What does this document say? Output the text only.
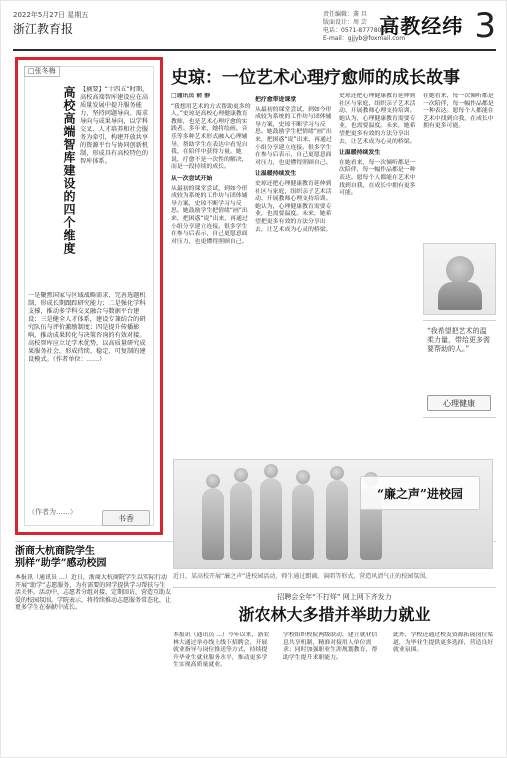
2022年5月27日 星期五
浙江教育报
责任编辑：龚 旦
版面设计：周 芸
电话：0571-87778082
E-mail：gjjyb@foxmail.com
高教经纬 3
□张冬梅
高校高端智库建设的四个维度 【摘要】“十四五”时期，高校高端智库建设应在高质量发展中提升服务能力，坚持问题导向、需求导向与成果导向，以学科交叉、人才培养和社会服务为牵引，构建开放共享的资源平台与协同创新机制，形成具有高校特色的智库体系。
一是聚焦国家与区域战略需求，完善选题机制，形成长期跟踪研究能力；二是强化学科支撑，推动多学科交叉融合与数据平台建设；三是健全人才体系，建设专兼结合的研究队伍与评价激励制度；四是提升传播影响，推动成果转化与决策咨询的有效对接。高校智库应立足学术优势，以高质量研究成果服务社会，形成持续、稳定、可复制的建设模式。（作者单位：……）
（作者为……）
书香
史琼：一位艺术心理疗愈师的成长故事
□通讯员 俞 静
“我想用艺术的方式帮助更多的人。”史琼是高校心理健康教育教师，也是艺术心理疗愈的实践者。多年来，她将绘画、音乐等多种艺术形式融入心理辅导，帮助学生在表达中看见自我、在陪伴中获得力量。她说，疗愈不是一次性的解决，而是一段持续的成长。
从一次尝试开始
从最初的课堂尝试，到如今形成较为系统的工作坊与团体辅导方案，史琼不断学习与反思。她鼓励学生把情绪“画”出来，把困惑“说”出来，再通过小组分享建立连接。很多学生在参与后表示，自己更愿意面对压力，也更懂得照顾自己。
把疗愈带进课堂
从最初的课堂尝试，到如今形成较为系统的工作坊与团体辅导方案，史琼不断学习与反思。她鼓励学生把情绪“画”出来，把困惑“说”出来，再通过小组分享建立连接。很多学生在参与后表示，自己更愿意面对压力，也更懂得照顾自己。
让温暖持续发生
史琼还把心理健康教育延伸到社区与家庭，组织亲子艺术活动、开展教师心理支持培训。她认为，心理健康教育需要专业，也需要温度。未来，她希望把更多有效的方法分享出去，让艺术成为心灵的桥梁。
史琼还把心理健康教育延伸到社区与家庭，组织亲子艺术活动、开展教师心理支持培训。她认为，心理健康教育需要专业，也需要温度。未来，她希望把更多有效的方法分享出去，让艺术成为心灵的桥梁。
让温暖持续发生
在她看来，每一次倾听都是一次陪伴，每一幅作品都是一种表达。愿每个人都能在艺术中找到自我，在成长中拥有更多可能。
在她看来，每一次倾听都是一次陪伴，每一幅作品都是一种表达。愿每个人都能在艺术中找到自我，在成长中拥有更多可能。
“我希望把艺术的温柔力量，带给更多需要帮助的人。”
心理健康
“廉之声”进校园
近日，某高校开展“廉之声”进校园活动，师生通过朗诵、演唱等形式，营造风清气正的校园氛围。
浙商大杭商院学生
别样“助学”感动校园
本报讯（通讯员 …）近日，浙商大杭商院学生以实际行动开展“助学”志愿服务，为有需要的同学提供学习帮扶与生活关怀。活动中，志愿者分组对接、定期回访，营造互助友爱的校园氛围。学院表示，将持续推动志愿服务常态化，让更多学生在奉献中成长。
招聘会全年“不打烊” 网上网下齐发力
浙农林大多措并举助力就业
本报讯（通讯员 …）今年以来，浙农林大通过举办线上线下招聘会、开展就业指导与岗位推送等方式，持续提升毕业生就业服务水平，推动更多学生实现高质量就业。
学校组织校院两级联动，建立就业信息共享机制，精准对接用人单位需求；同时加强职业生涯规划教育，帮助学生提升求职能力。
此外，学校还通过校友资源拓展岗位渠道，为毕业生提供更多选择，营造良好就业氛围。
